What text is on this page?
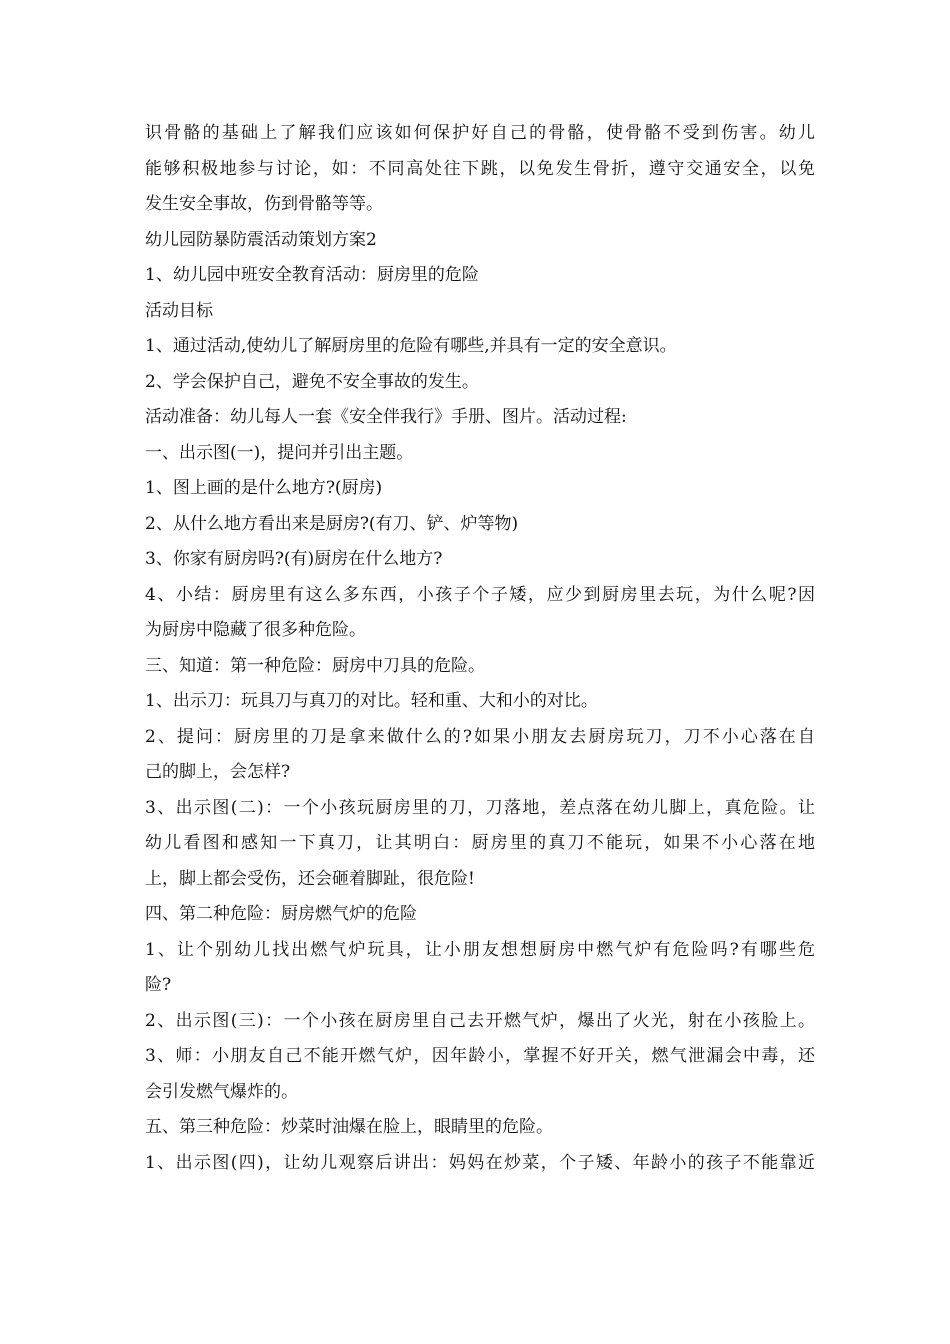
识骨骼的基础上了解我们应该如何保护好自己的骨骼，使骨骼不受到伤害。幼儿
能够积极地参与讨论，如：不同高处往下跳，以免发生骨折，遵守交通安全，以免
发生安全事故，伤到骨骼等等。
幼儿园防暴防震活动策划方案2
1、幼儿园中班安全教育活动：厨房里的危险
活动目标
1、通过活动,使幼儿了解厨房里的危险有哪些,并具有一定的安全意识。
2、学会保护自己，避免不安全事故的发生。
活动准备：幼儿每人一套《安全伴我行》手册、图片。活动过程:
一、出示图(一)，提问并引出主题。
1、图上画的是什么地方?(厨房)
2、从什么地方看出来是厨房?(有刀、铲、炉等物)
3、你家有厨房吗?(有)厨房在什么地方?
4、小结：厨房里有这么多东西，小孩子个子矮，应少到厨房里去玩，为什么呢?因
为厨房中隐藏了很多种危险。
三、知道：第一种危险：厨房中刀具的危险。
1、出示刀：玩具刀与真刀的对比。轻和重、大和小的对比。
2、提问：厨房里的刀是拿来做什么的?如果小朋友去厨房玩刀，刀不小心落在自
己的脚上，会怎样?
3、出示图(二)：一个小孩玩厨房里的刀，刀落地，差点落在幼儿脚上，真危险。让
幼儿看图和感知一下真刀，让其明白：厨房里的真刀不能玩，如果不小心落在地
上，脚上都会受伤，还会砸着脚趾，很危险!
四、第二种危险：厨房燃气炉的危险
1、让个别幼儿找出燃气炉玩具，让小朋友想想厨房中燃气炉有危险吗?有哪些危
险?
2、出示图(三)：一个小孩在厨房里自己去开燃气炉，爆出了火光，射在小孩脸上。
3、师：小朋友自己不能开燃气炉，因年龄小，掌握不好开关，燃气泄漏会中毒，还
会引发燃气爆炸的。
五、第三种危险：炒菜时油爆在脸上，眼睛里的危险。
1、出示图(四)，让幼儿观察后讲出：妈妈在炒菜，个子矮、年龄小的孩子不能靠近
